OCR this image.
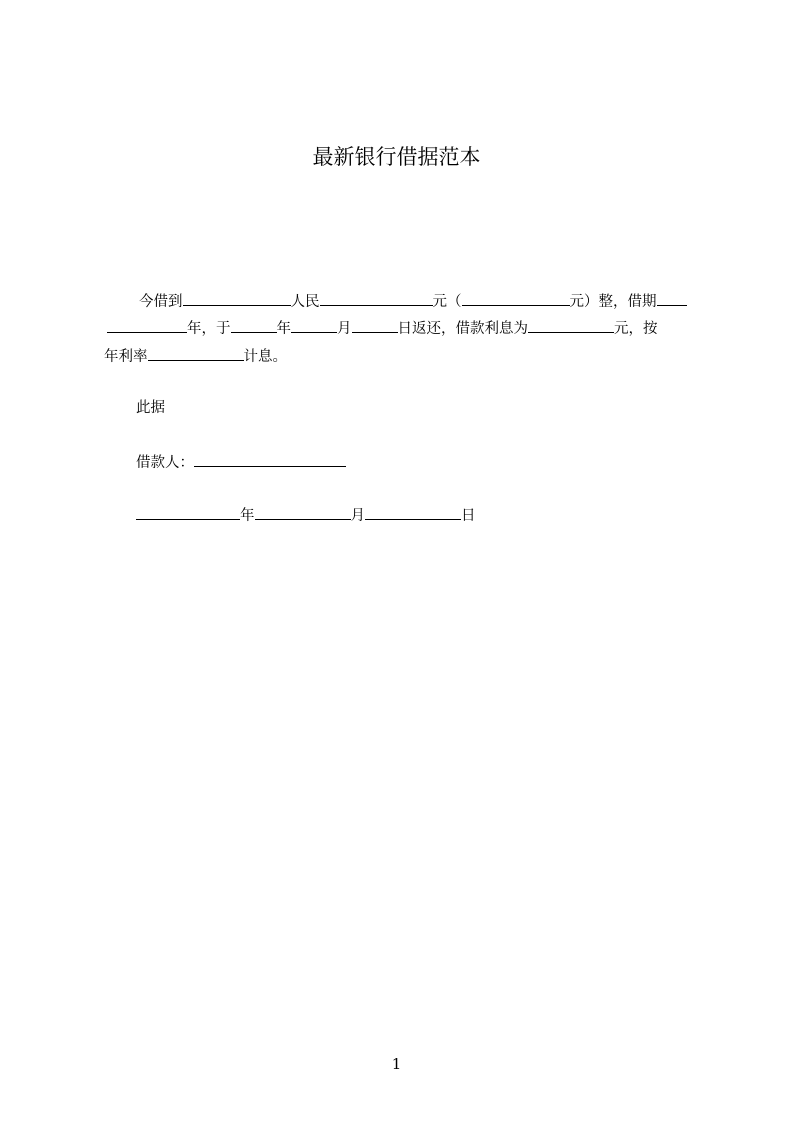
最新银行借据范本
今借到	人民	元（	元）整，借期
年，于	年	月	日返还，借款利息为	元，按
年利率	计息。
此据
借款人：
年	月	日
1
